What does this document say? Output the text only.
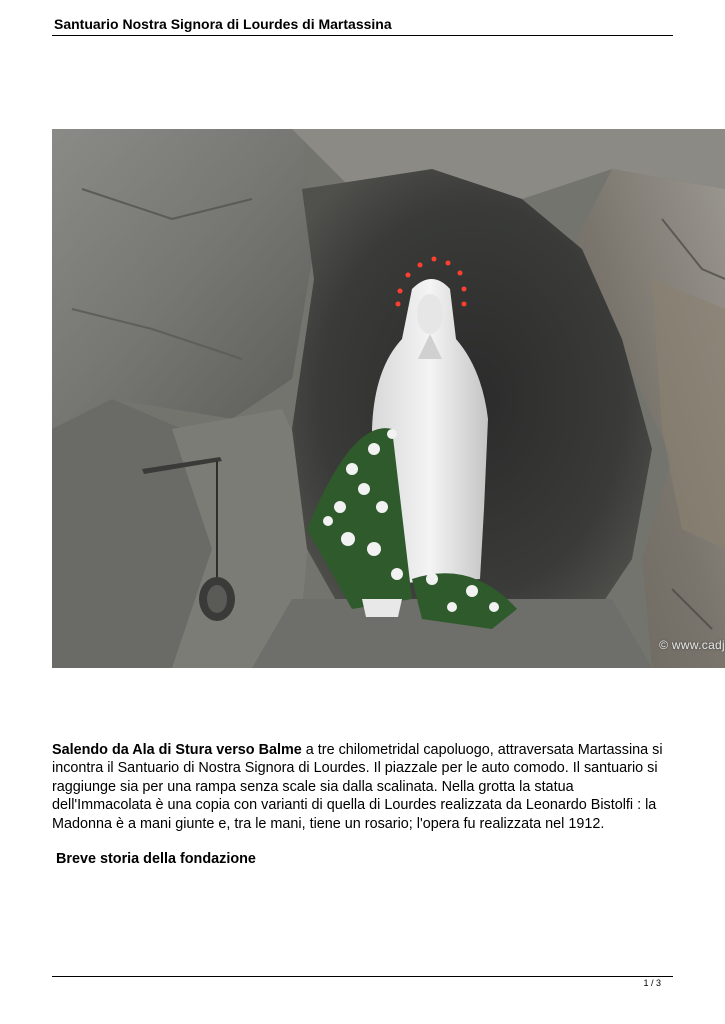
Santuario Nostra Signora di Lourdes di Martassina
© www.cadj
Salendo da Ala di Stura verso Balme a tre chilometridal capoluogo, attraversata Martassina si incontra il Santuario di Nostra Signora di Lourdes. Il piazzale per le auto comodo. Il santuario si raggiunge sia per una rampa senza scale sia dalla scalinata. Nella grotta la statua dell'Immacolata è una copia con varianti di quella di Lourdes realizzata da Leonardo Bistolfi : la Madonna è a mani giunte e, tra le mani, tiene un rosario; l'opera fu realizzata nel 1912.
Breve storia della fondazione
1 / 3
